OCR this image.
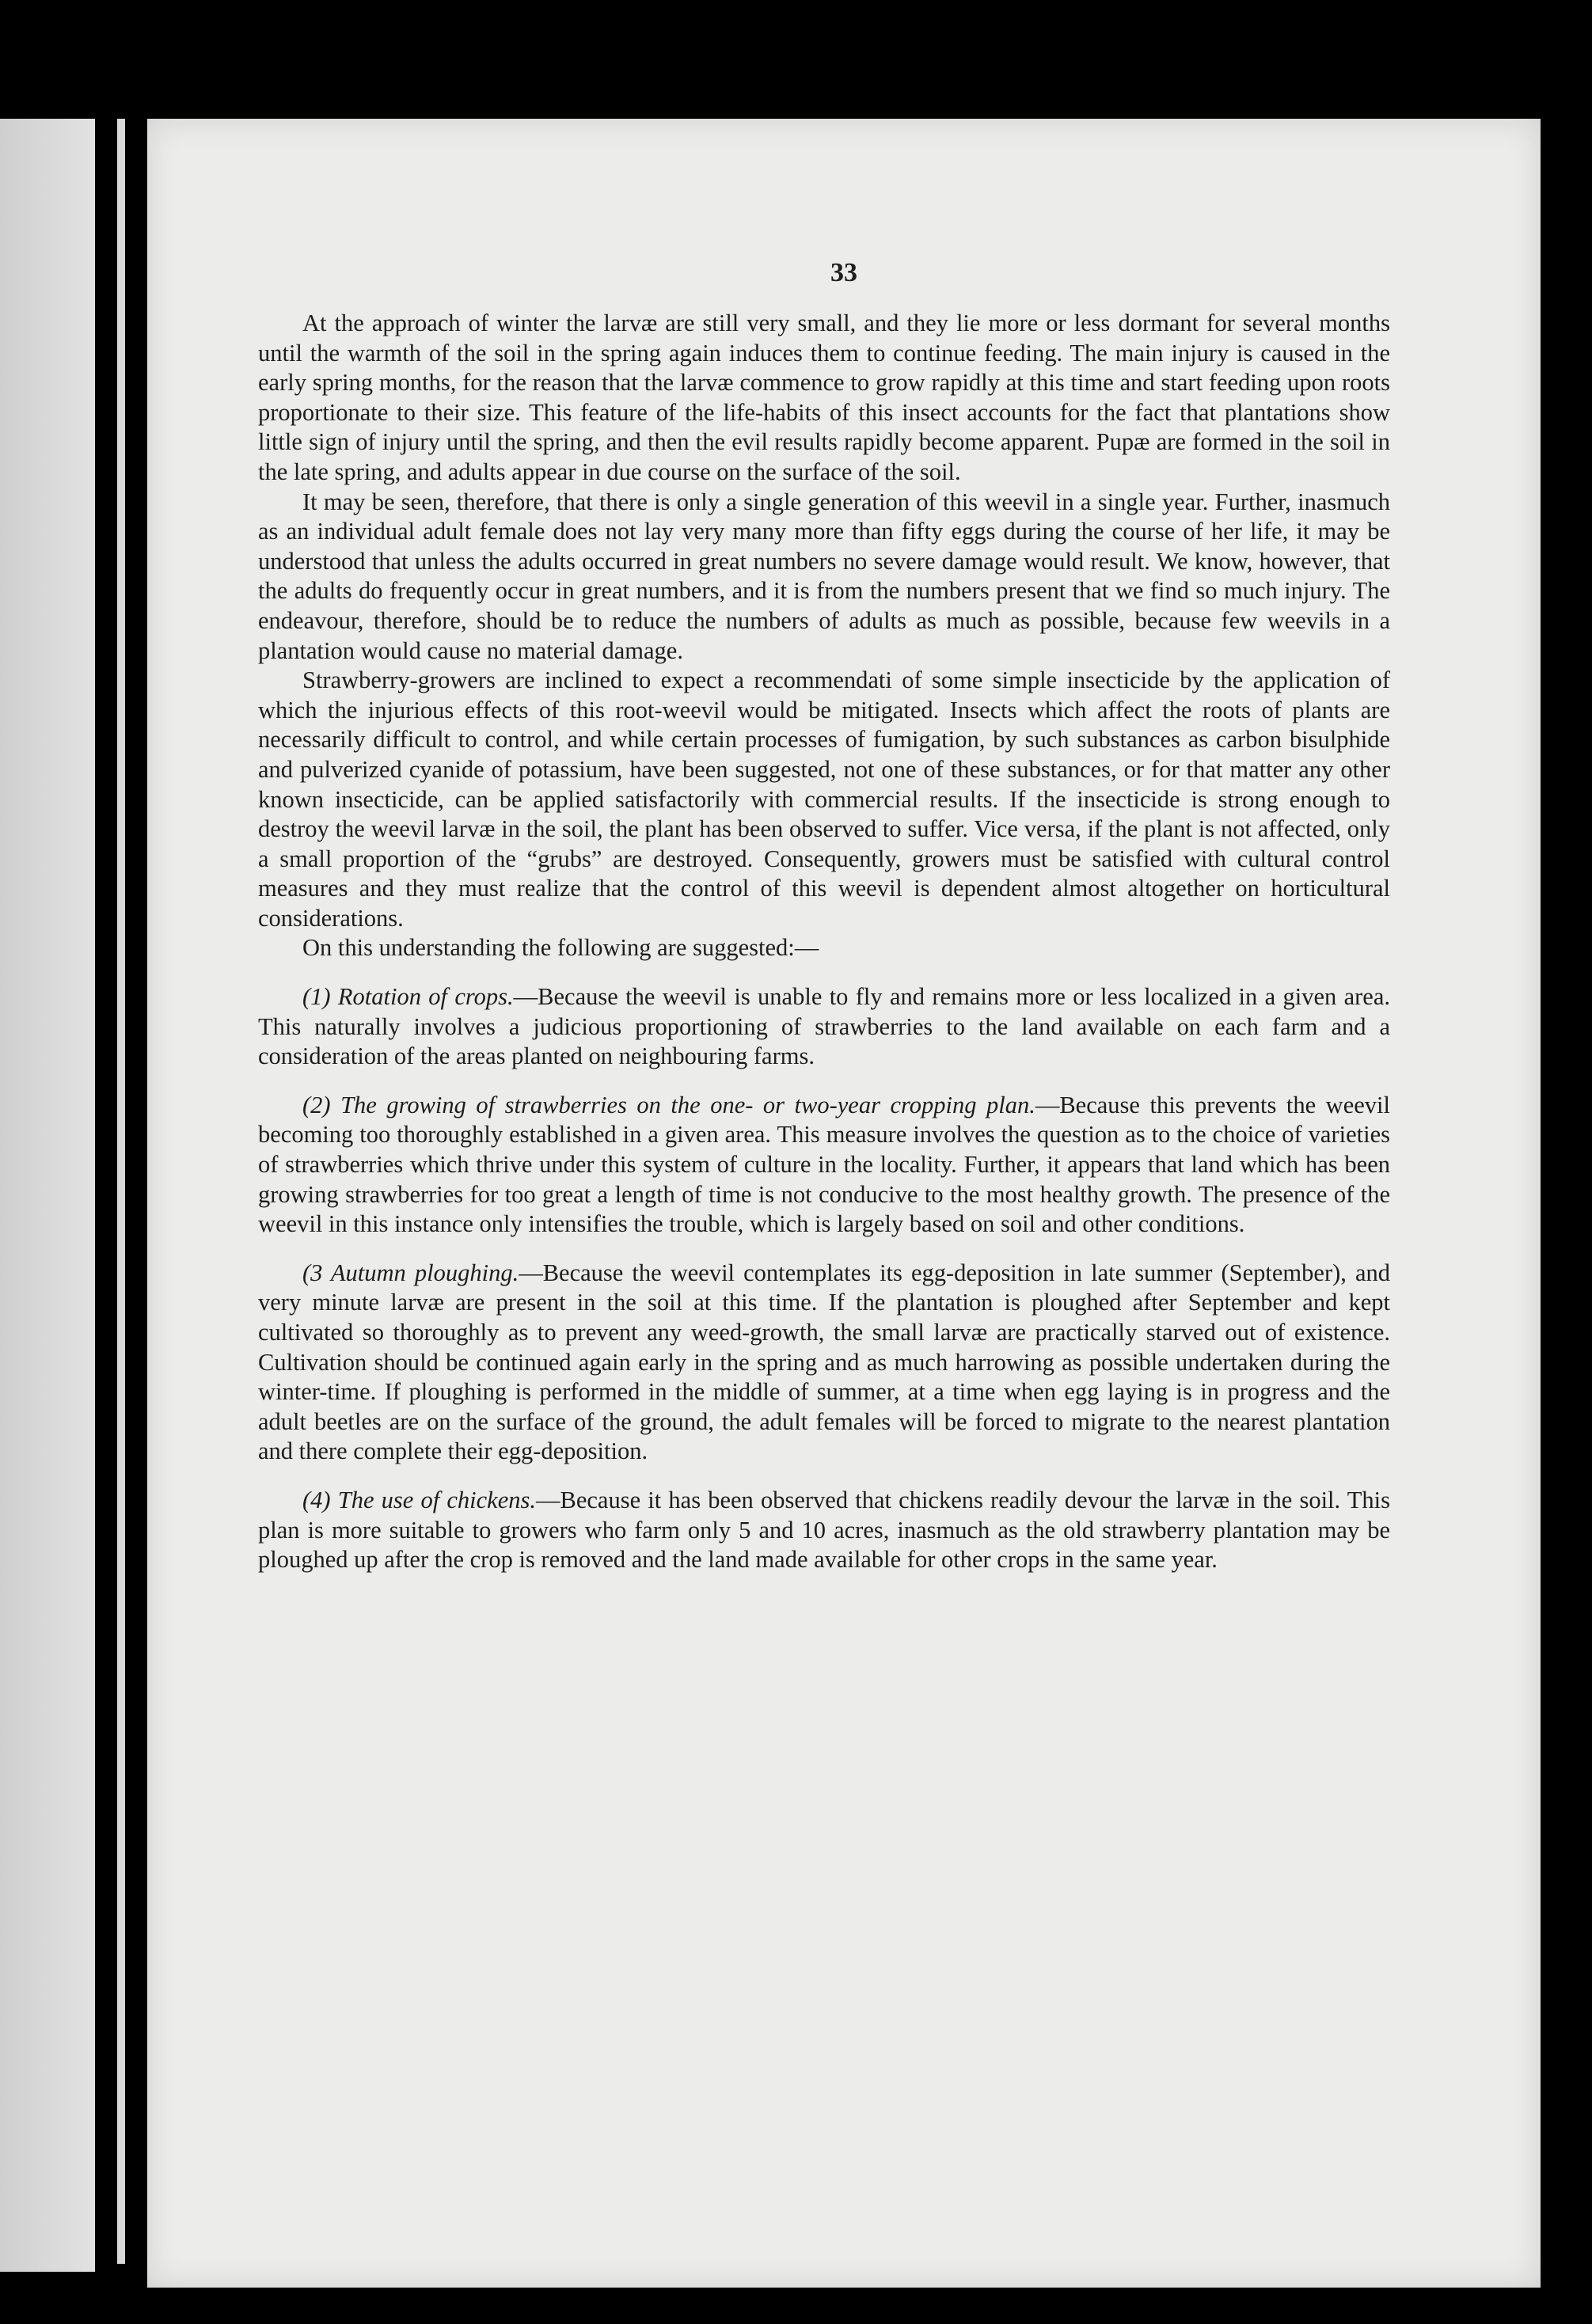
33

At the approach of winter the larvæ are still very small, and they lie more or less dormant for several months until the warmth of the soil in the spring again induces them to continue feeding. The main injury is caused in the early spring months, for the reason that the larvæ commence to grow rapidly at this time and start feeding upon roots proportionate to their size. This feature of the life-habits of this insect accounts for the fact that plantations show little sign of injury until the spring, and then the evil results rapidly become apparent. Pupæ are formed in the soil in the late spring, and adults appear in due course on the surface of the soil.

It may be seen, therefore, that there is only a single generation of this weevil in a single year. Further, inasmuch as an individual adult female does not lay very many more than fifty eggs during the course of her life, it may be understood that unless the adults occurred in great numbers no severe damage would result. We know, however, that the adults do frequently occur in great numbers, and it is from the numbers present that we find so much injury. The endeavour, therefore, should be to reduce the numbers of adults as much as possible, because few weevils in a plantation would cause no material damage.

Strawberry-growers are inclined to expect a recommendati of some simple insecticide by the application of which the injurious effects of this root-weevil would be mitigated. Insects which affect the roots of plants are necessarily difficult to control, and while certain processes of fumigation, by such substances as carbon bisulphide and pulverized cyanide of potassium, have been suggested, not one of these substances, or for that matter any other known insecticide, can be applied satisfactorily with commercial results. If the insecticide is strong enough to destroy the weevil larvæ in the soil, the plant has been observed to suffer. Vice versa, if the plant is not affected, only a small proportion of the “grubs” are destroyed. Consequently, growers must be satisfied with cultural control measures and they must realize that the control of this weevil is dependent almost altogether on horticultural considerations.

On this understanding the following are suggested:—

(1) Rotation of crops.—Because the weevil is unable to fly and remains more or less localized in a given area. This naturally involves a judicious proportioning of strawberries to the land available on each farm and a consideration of the areas planted on neighbouring farms.

(2) The growing of strawberries on the one- or two-year cropping plan.—Because this prevents the weevil becoming too thoroughly established in a given area. This measure involves the question as to the choice of varieties of strawberries which thrive under this system of culture in the locality. Further, it appears that land which has been growing strawberries for too great a length of time is not conducive to the most healthy growth. The presence of the weevil in this instance only intensifies the trouble, which is largely based on soil and other conditions.

(3 Autumn ploughing.—Because the weevil contemplates its egg-deposition in late summer (September), and very minute larvæ are present in the soil at this time. If the plantation is ploughed after September and kept cultivated so thoroughly as to prevent any weed-growth, the small larvæ are practically starved out of existence. Cultivation should be continued again early in the spring and as much harrowing as possible undertaken during the winter-time. If ploughing is performed in the middle of summer, at a time when egg laying is in progress and the adult beetles are on the surface of the ground, the adult females will be forced to migrate to the nearest plantation and there complete their egg-deposition.

(4) The use of chickens.—Because it has been observed that chickens readily devour the larvæ in the soil. This plan is more suitable to growers who farm only 5 and 10 acres, inasmuch as the old strawberry plantation may be ploughed up after the crop is removed and the land made available for other crops in the same year.
